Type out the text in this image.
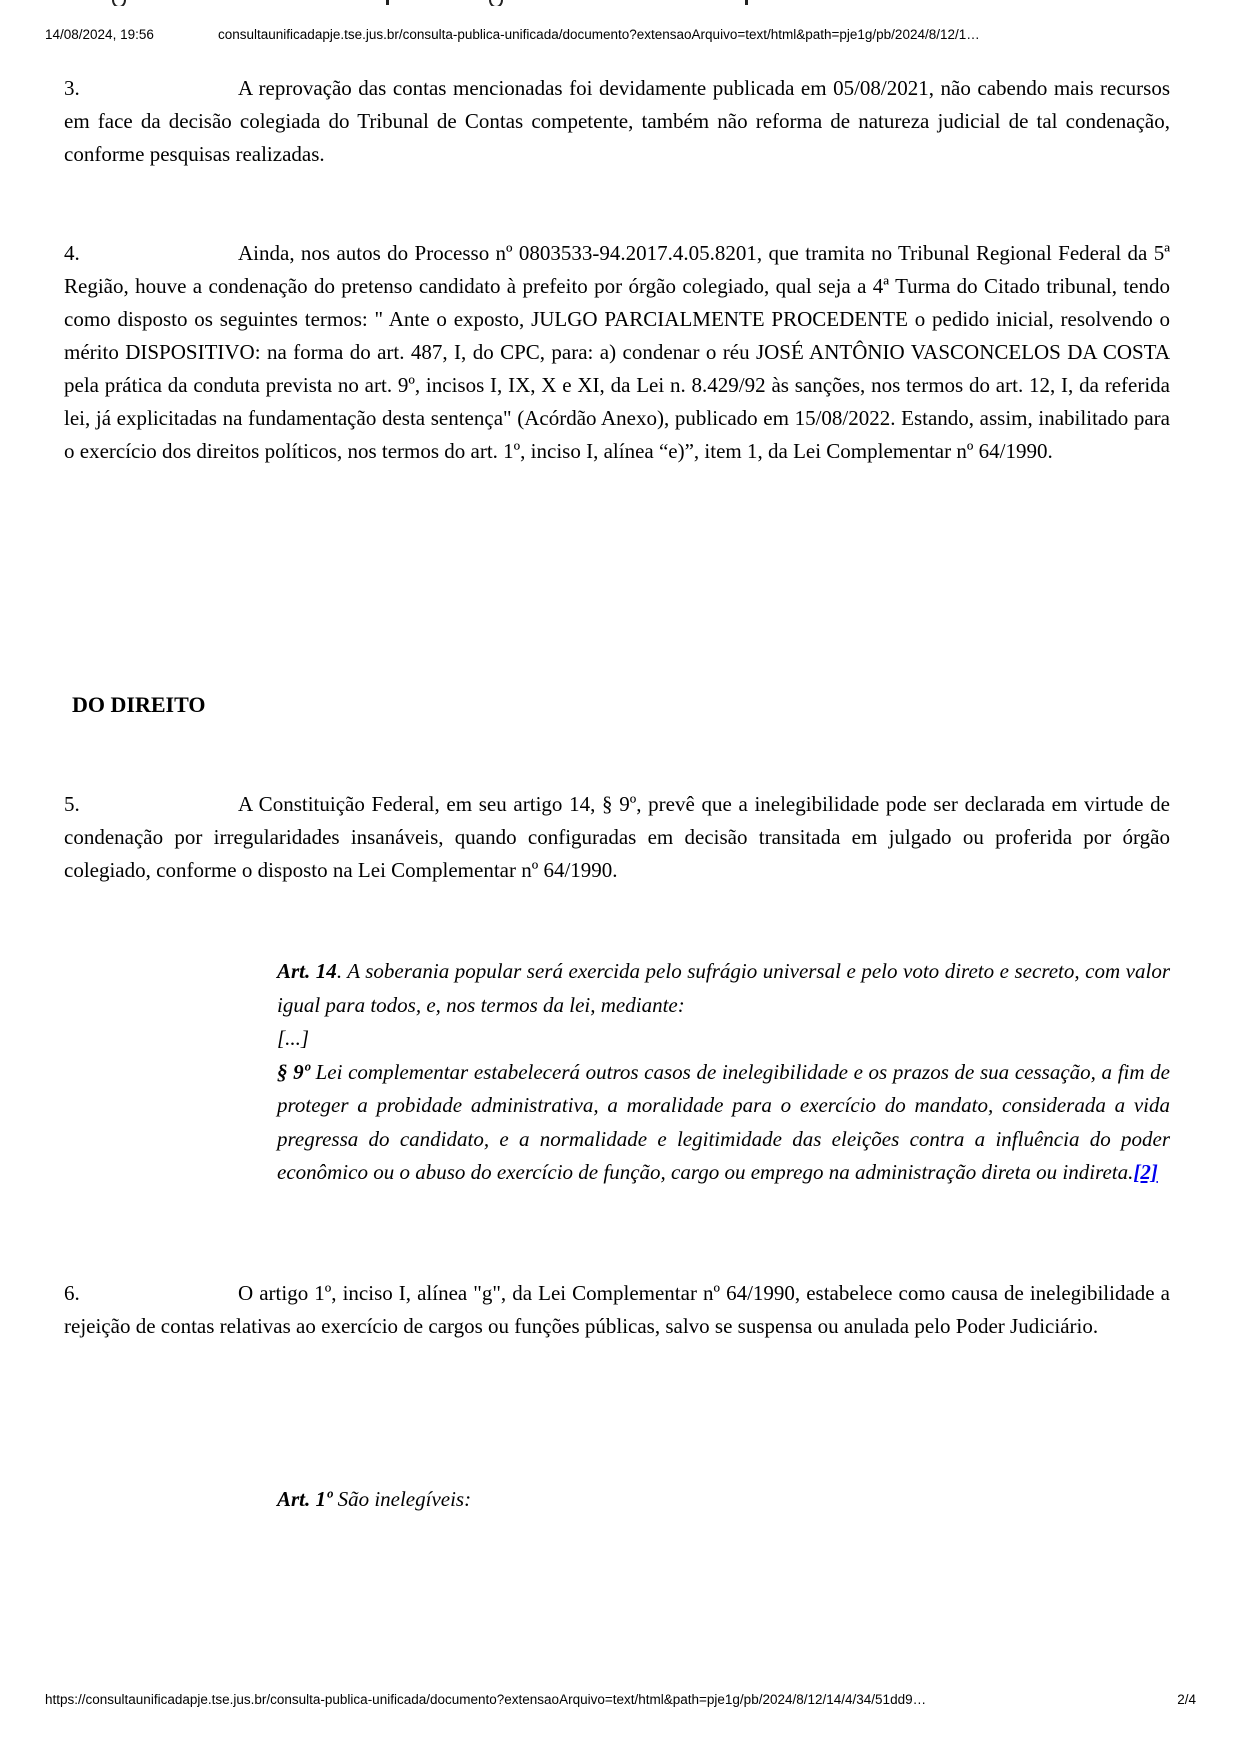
14/08/2024, 19:56	consultaunificadapje.tse.jus.br/consulta-publica-unificada/documento?extensaoArquivo=text/html&path=pje1g/pb/2024/8/12/1…

3.	A reprovação das contas mencionadas foi devidamente publicada em 05/08/2021, não cabendo mais recursos em face da decisão colegiada do Tribunal de Contas competente, também não reforma de natureza judicial de tal condenação, conforme pesquisas realizadas.

4.	Ainda, nos autos do Processo nº 0803533-94.2017.4.05.8201, que tramita no Tribunal Regional Federal da 5ª Região, houve a condenação do pretenso candidato à prefeito por órgão colegiado, qual seja a 4ª Turma do Citado tribunal, tendo como disposto os seguintes termos: " Ante o exposto, JULGO PARCIALMENTE PROCEDENTE o pedido inicial, resolvendo o mérito DISPOSITIVO: na forma do art. 487, I, do CPC, para: a) condenar o réu JOSÉ ANTÔNIO VASCONCELOS DA COSTA pela prática da conduta prevista no art. 9º, incisos I, IX, X e XI, da Lei n. 8.429/92 às sanções, nos termos do art. 12, I, da referida lei, já explicitadas na fundamentação desta sentença" (Acórdão Anexo), publicado em 15/08/2022. Estando, assim, inabilitado para o exercício dos direitos políticos, nos termos do art. 1º, inciso I, alínea “e)”, item 1, da Lei Complementar nº 64/1990.

DO DIREITO

5.	A Constituição Federal, em seu artigo 14, § 9º, prevê que a inelegibilidade pode ser declarada em virtude de condenação por irregularidades insanáveis, quando configuradas em decisão transitada em julgado ou proferida por órgão colegiado, conforme o disposto na Lei Complementar nº 64/1990.

Art. 14. A soberania popular será exercida pelo sufrágio universal e pelo voto direto e secreto, com valor igual para todos, e, nos termos da lei, mediante:
[...]
§ 9º Lei complementar estabelecerá outros casos de inelegibilidade e os prazos de sua cessação, a fim de proteger a probidade administrativa, a moralidade para o exercício do mandato, considerada a vida pregressa do candidato, e a normalidade e legitimidade das eleições contra a influência do poder econômico ou o abuso do exercício de função, cargo ou emprego na administração direta ou indireta.[2]

6.	O artigo 1º, inciso I, alínea "g", da Lei Complementar nº 64/1990, estabelece como causa de inelegibilidade a rejeição de contas relativas ao exercício de cargos ou funções públicas, salvo se suspensa ou anulada pelo Poder Judiciário.

Art. 1º São inelegíveis:
https://consultaunificadapje.tse.jus.br/consulta-publica-unificada/documento?extensaoArquivo=text/html&path=pje1g/pb/2024/8/12/14/4/34/51dd9…	2/4
